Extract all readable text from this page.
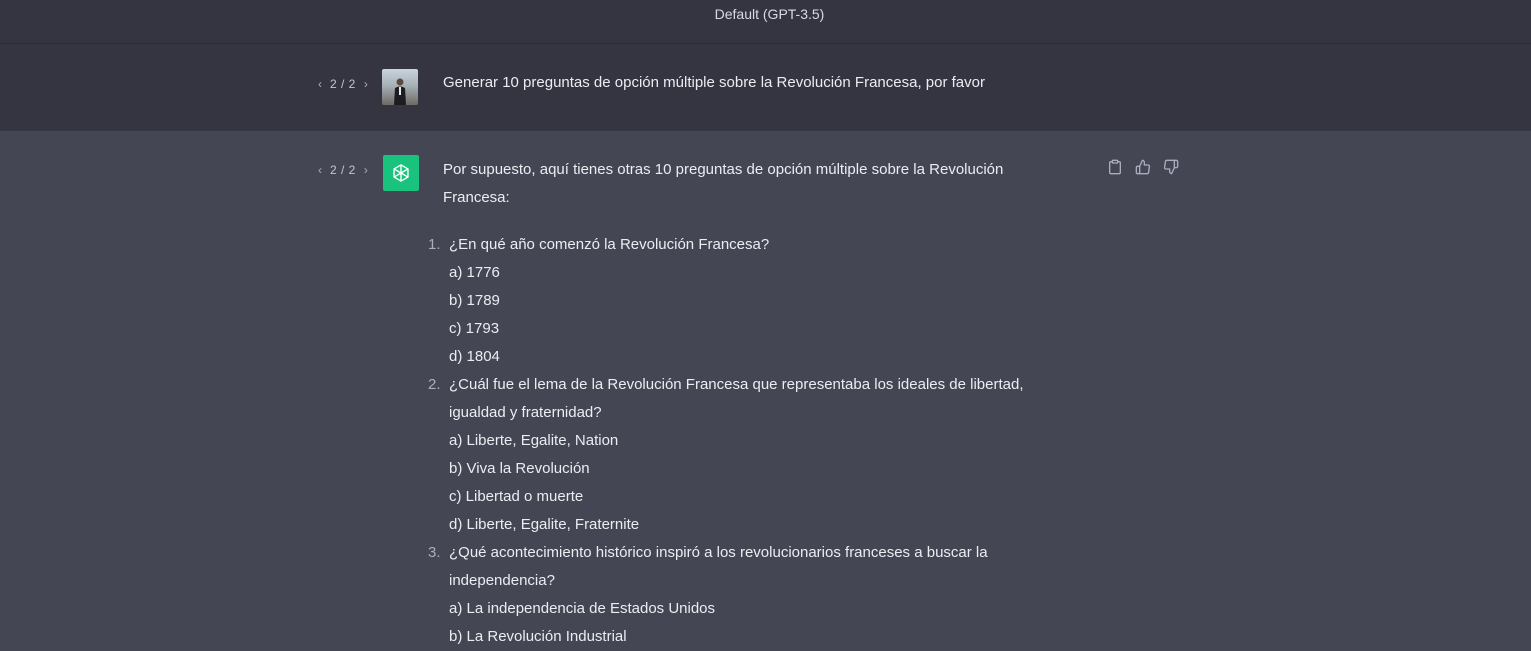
Default (GPT-3.5)
‹ 2 / 2 ›	Generar 10 preguntas de opción múltiple sobre la Revolución Francesa, por favor
‹ 2 / 2 ›	Por supuesto, aquí tienes otras 10 preguntas de opción múltiple sobre la Revolución Francesa:
1. ¿En qué año comenzó la Revolución Francesa?
a) 1776
b) 1789
c) 1793
d) 1804
2. ¿Cuál fue el lema de la Revolución Francesa que representaba los ideales de libertad, igualdad y fraternidad?
a) Liberte, Egalite, Nation
b) Viva la Revolución
c) Libertad o muerte
d) Liberte, Egalite, Fraternite
3. ¿Qué acontecimiento histórico inspiró a los revolucionarios franceses a buscar la independencia?
a) La independencia de Estados Unidos
b) La Revolución Industrial
